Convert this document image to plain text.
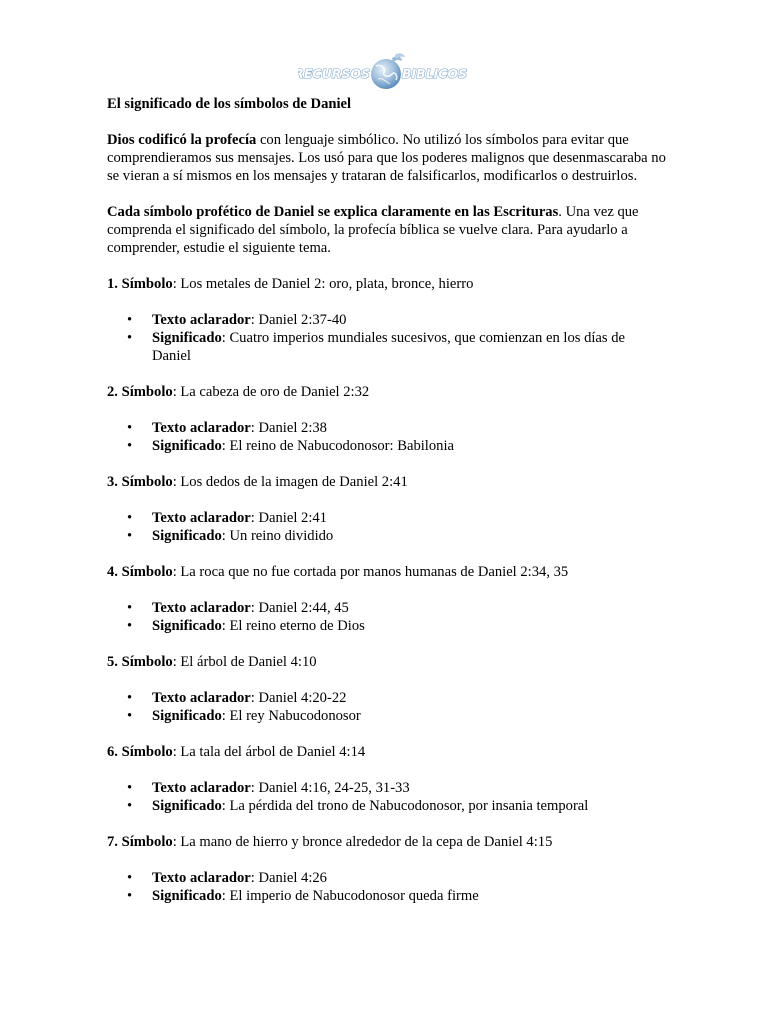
RECURSOS	BIBLICOS
El significado de los símbolos de Daniel

Dios codificó la profecía con lenguaje simbólico. No utilizó los símbolos para evitar que comprendieramos sus mensajes. Los usó para que los poderes malignos que desenmascaraba no se vieran a sí mismos en los mensajes y trataran de falsificarlos, modificarlos o destruirlos.

Cada símbolo profético de Daniel se explica claramente en las Escrituras. Una vez que comprenda el significado del símbolo, la profecía bíblica se vuelve clara. Para ayudarlo a comprender, estudie el siguiente tema.

1. Símbolo: Los metales de Daniel 2: oro, plata, bronce, hierro
• Texto aclarador: Daniel 2:37-40
• Significado: Cuatro imperios mundiales sucesivos, que comienzan en los días de Daniel
2. Símbolo: La cabeza de oro de Daniel 2:32
• Texto aclarador: Daniel 2:38
• Significado: El reino de Nabucodonosor: Babilonia
3. Símbolo: Los dedos de la imagen de Daniel 2:41
• Texto aclarador: Daniel 2:41
• Significado: Un reino dividido
4. Símbolo: La roca que no fue cortada por manos humanas de Daniel 2:34, 35
• Texto aclarador: Daniel 2:44, 45
• Significado: El reino eterno de Dios
5. Símbolo: El árbol de Daniel 4:10
• Texto aclarador: Daniel 4:20-22
• Significado: El rey Nabucodonosor
6. Símbolo: La tala del árbol de Daniel 4:14
• Texto aclarador: Daniel 4:16, 24-25, 31-33
• Significado: La pérdida del trono de Nabucodonosor, por insania temporal
7. Símbolo: La mano de hierro y bronce alrededor de la cepa de Daniel 4:15
• Texto aclarador: Daniel 4:26
• Significado: El imperio de Nabucodonosor queda firme
